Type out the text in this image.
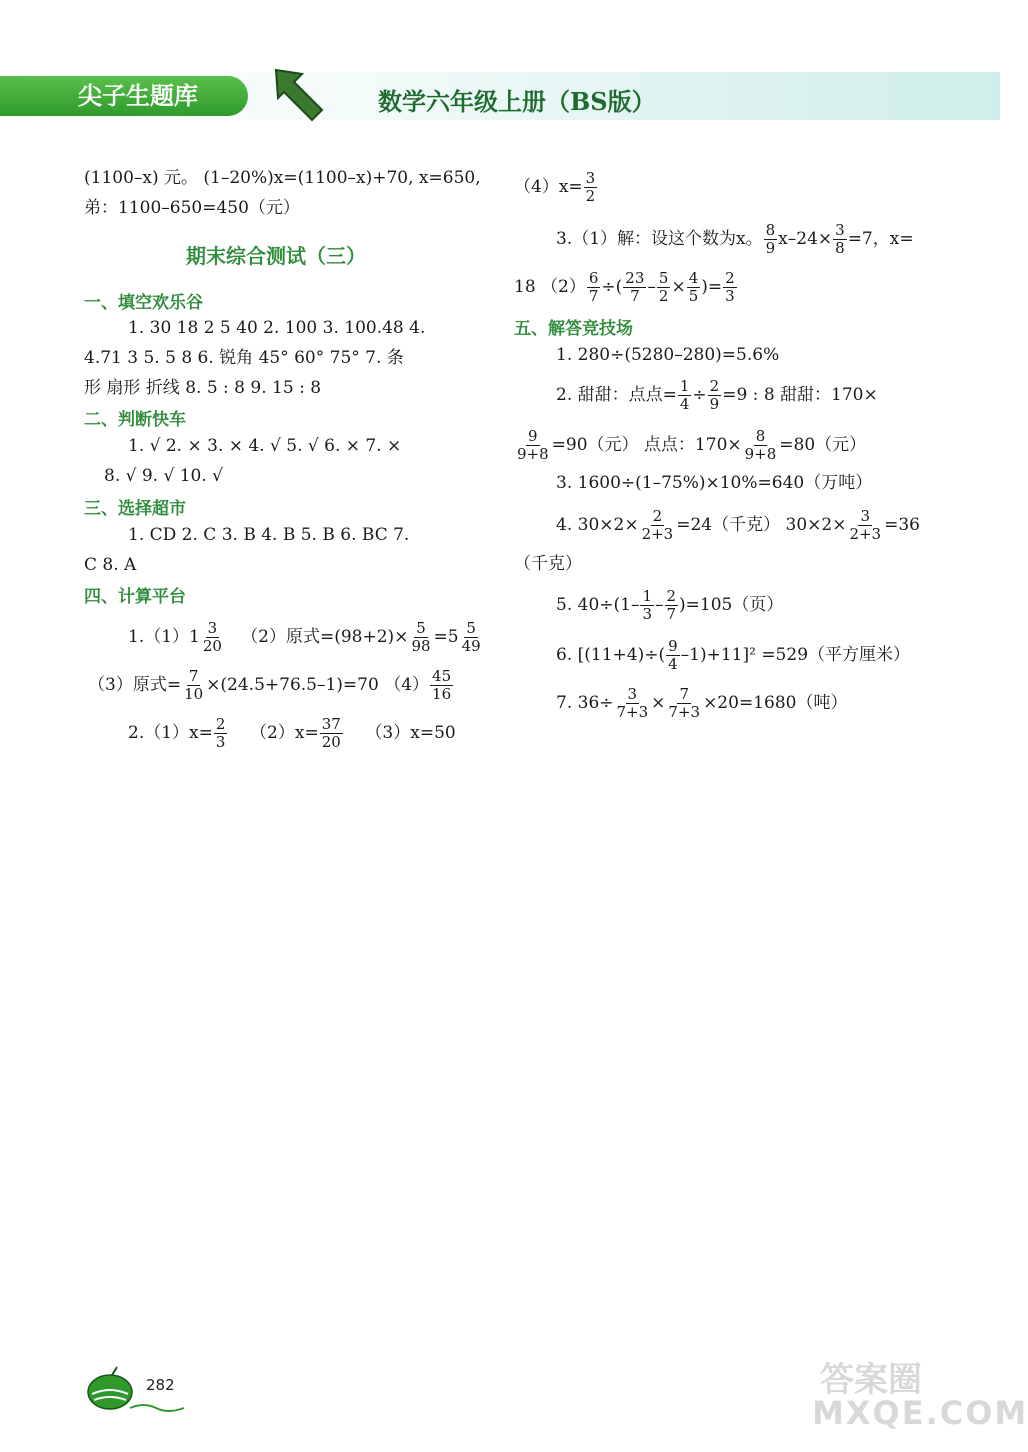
尖子生题库	数学六年级上册（BS版）
(1100–x) 元。 (1–20%)x=(1100–x)+70, x=650,
弟：1100–650=450（元）
期末综合测试（三）
一、填空欢乐谷
1. 30 18 2 5 40 2. 100 3. 100.48 4.
4.71 3 5. 5 8 6. 锐角 45° 60° 75° 7. 条
形 扇形 折线 8. 5 : 8 9. 15 : 8
二、判断快车
1. √ 2. × 3. × 4. √ 5. √ 6. × 7. ×
8. √ 9. √ 10. √
三、选择超市
1. CD 2. C 3. B 4. B 5. B 6. BC 7.
C 8. A
四、计算平台
$1.(1)1 \frac{3}{20} (2)$原式$=(98+2)\times \frac{5}{98} =5 \frac{5}{49}$
（3）原式= $\frac{7}{10} \times(24.5+76.5-1)=70$ $(4) \frac{45}{16}$
$2.(1)x= \frac{2}{3} (2)x= \frac{37}{20} (3)x=50$
$(4)x= \frac{3}{2}$
3.（1）解：设这个数为x。 $\frac{8}{9} x-24\times \frac{3}{8} =7$，x=
18 $(2) \frac{6}{7}$ ÷( $\frac{23}{7} - \frac{5}{2} \times \frac{4}{5}$ )= $\frac{2}{3}$
五、解答竞技场
1. 280÷(5280–280)=5.6%
2. 甜甜：点点= $\frac{1}{4} \div \frac{2}{9} =9$ : 8 甜甜：170×
$\frac{9}{9+8} =90$（元） 点点：$170\times \frac{8}{9+8} =80$（元）
3. 1600÷(1–75%)×10%=640（万吨）
4. $30\times 2\times \frac{2}{2+3} =24$（千克） $30\times 2\times \frac{3}{2+3} =36$
（千克）
5. $40\div(1- \frac{1}{3} - \frac{2}{7} )=105$（页）
6. $[(11+4)\div( \frac{9}{4} -1)+11]^2 =529$（平方厘米）
7. $36\div \frac{3}{7+3} \times \frac{7}{7+3} \times 20=1680$（吨）
282
MXQE.COM
答案圈
